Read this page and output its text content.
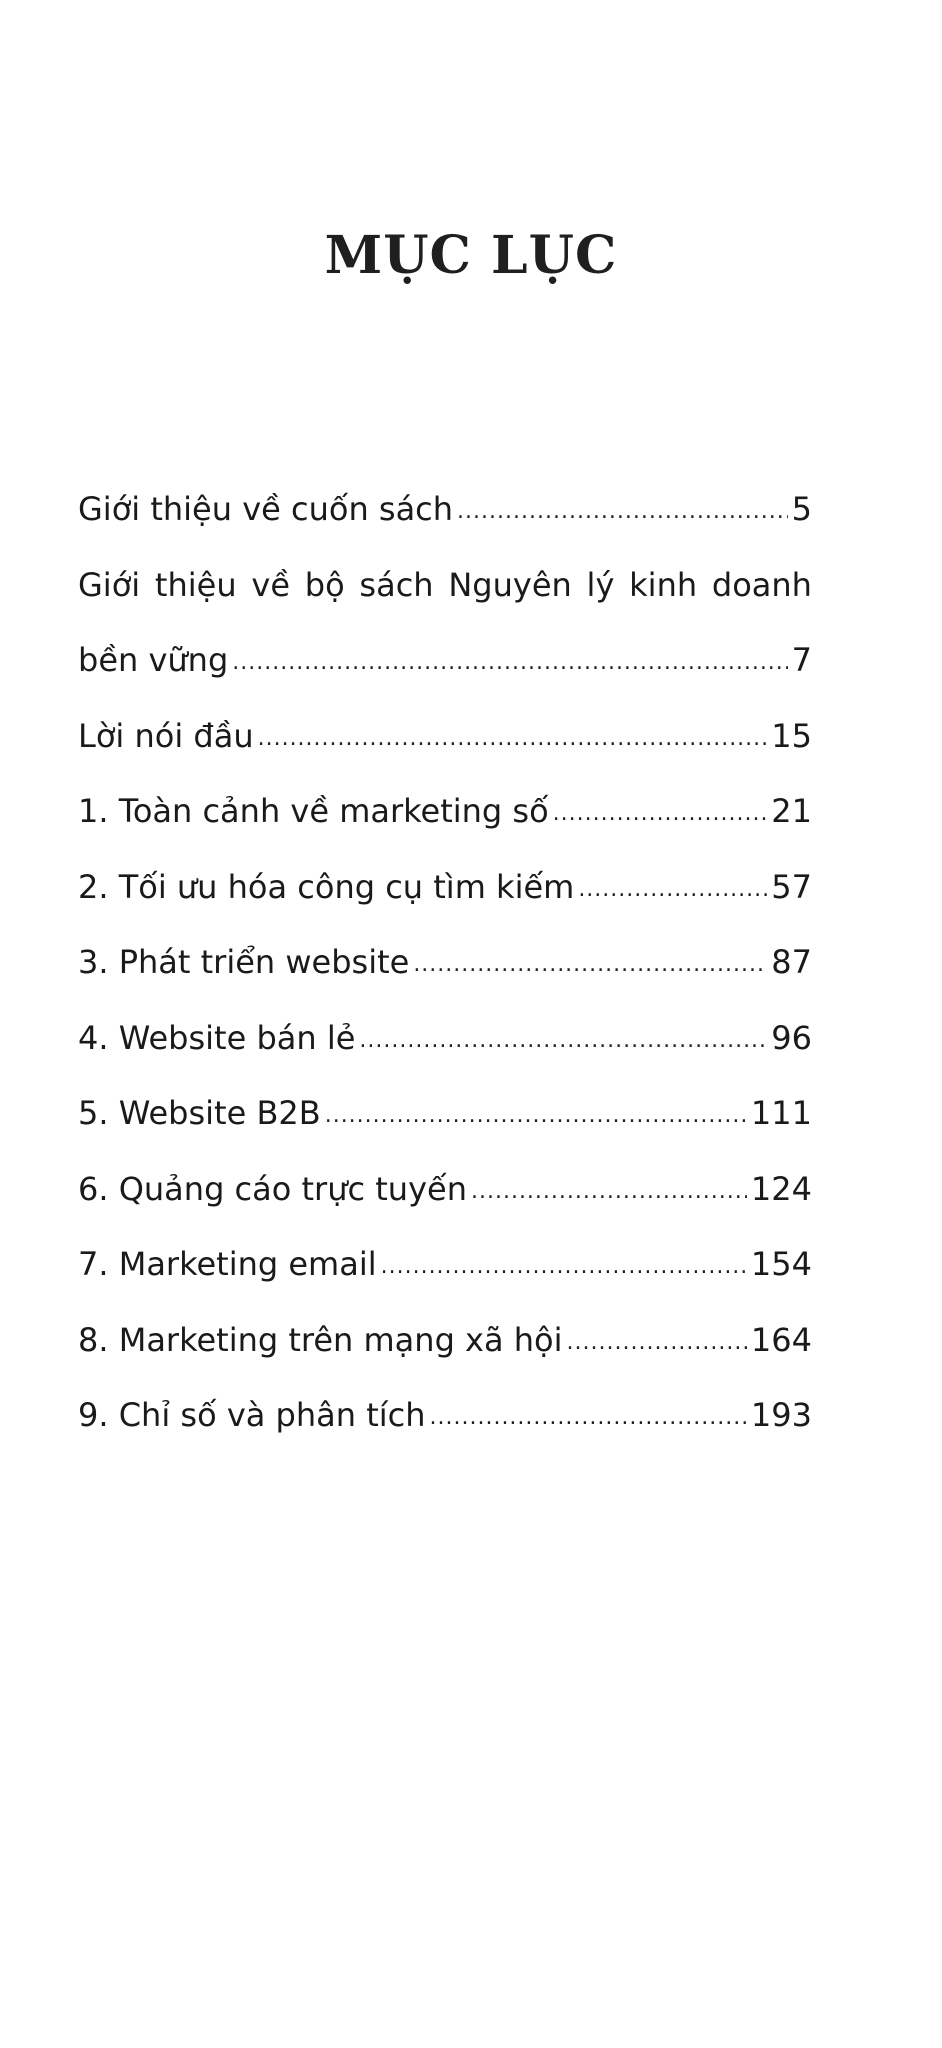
MỤC LỤC
Giới thiệu về cuốn sách .....	5
Giới thiệu về bộ sách Nguyên lý kinh doanh
bền vững .....	7
Lời nói đầu .....	15
1. Toàn cảnh về marketing số .....	21
2. Tối ưu hóa công cụ tìm kiếm .....	57
3. Phát triển website .....	87
4. Website bán lẻ .....	96
5. Website B2B .....	111
6. Quảng cáo trực tuyến .....	124
7. Marketing email .....	154
8. Marketing trên mạng xã hội .....	164
9. Chỉ số và phân tích .....	193
